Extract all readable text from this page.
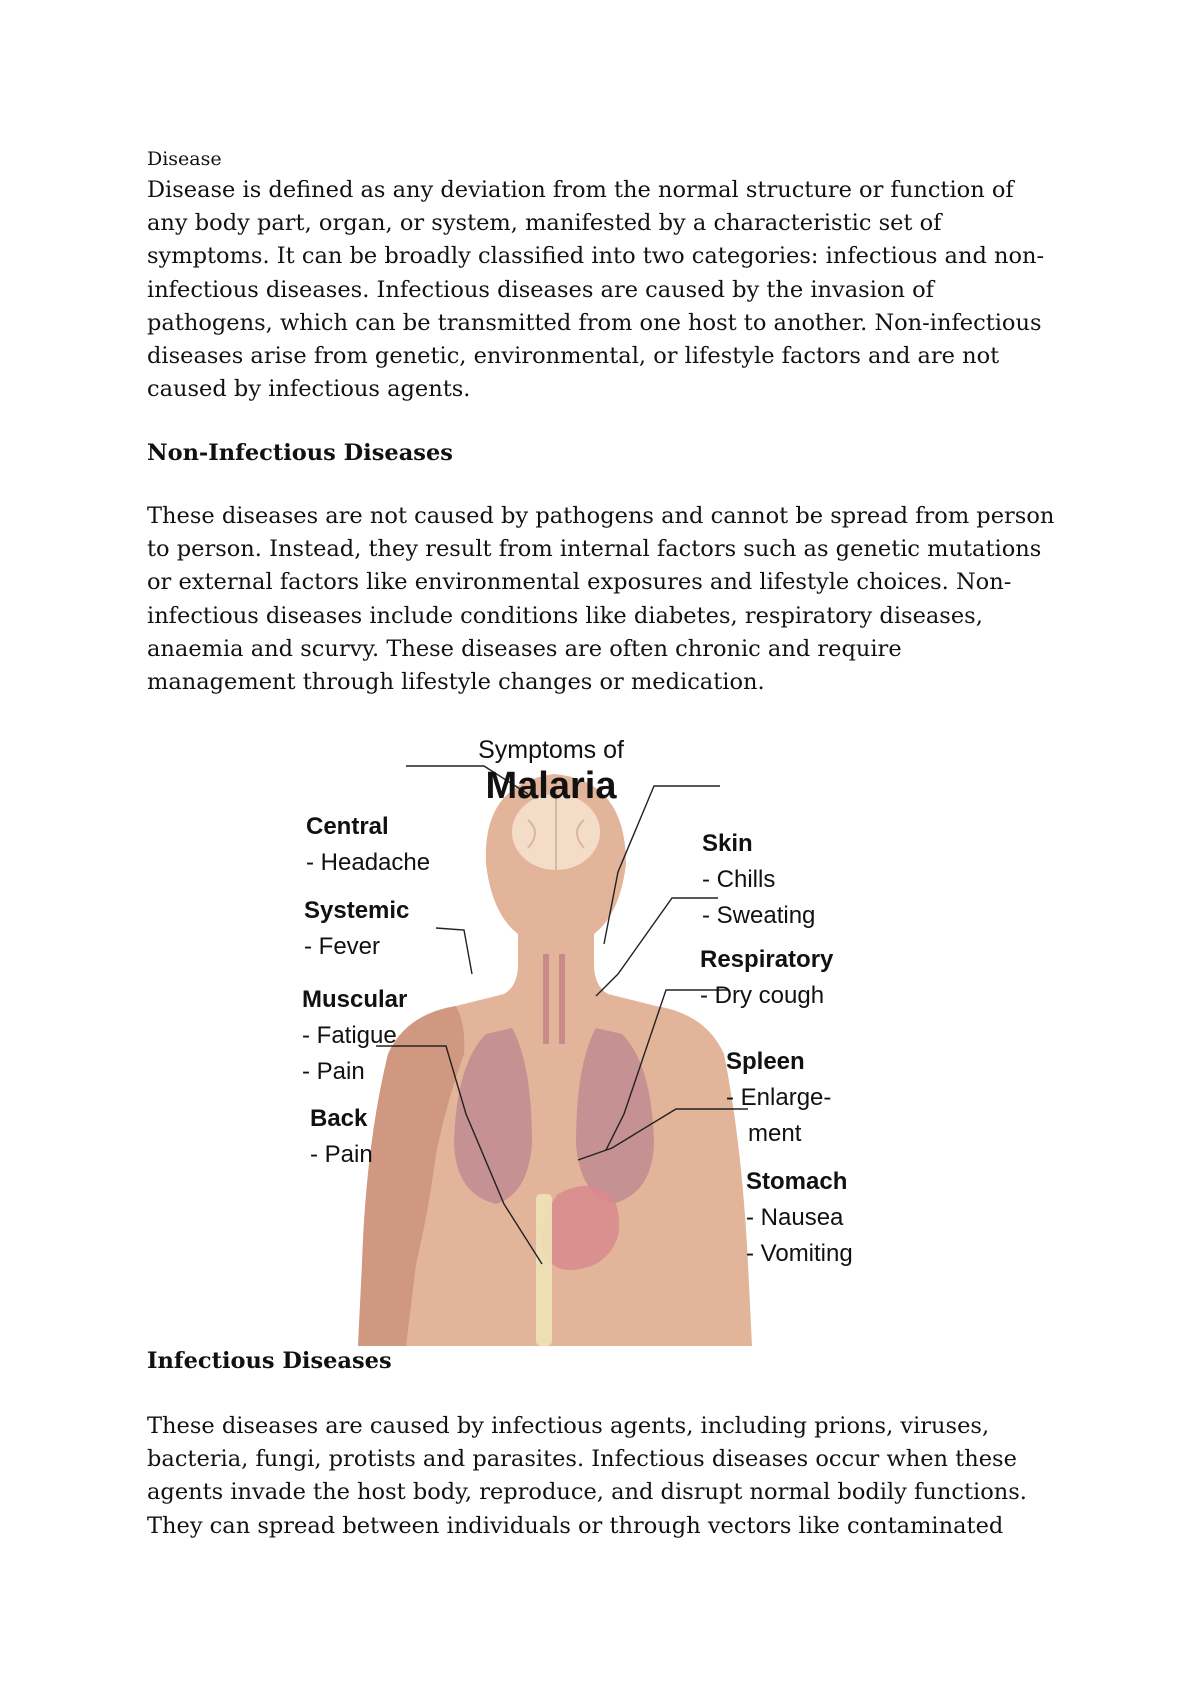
Disease

Disease is defined as any deviation from the normal structure or function of
any body part, organ, or system, manifested by a characteristic set of
symptoms. It can be broadly classified into two categories: infectious and non-
infectious diseases. Infectious diseases are caused by the invasion of
pathogens, which can be transmitted from one host to another. Non-infectious
diseases arise from genetic, environmental, or lifestyle factors and are not
caused by infectious agents.

Non-Infectious Diseases

These diseases are not caused by pathogens and cannot be spread from person
to person. Instead, they result from internal factors such as genetic mutations
or external factors like environmental exposures and lifestyle choices. Non-
infectious diseases include conditions like diabetes, respiratory diseases,
anaemia and scurvy. These diseases are often chronic and require
management through lifestyle changes or medication.

Symptoms of
Malaria
Central
- Headache
Systemic
- Fever
Muscular
- Fatigue
- Pain
Back
- Pain
Skin
- Chills
- Sweating
Respiratory
- Dry cough
Spleen
- Enlarge-
ment
Stomach
- Nausea
- Vomiting
Infectious Diseases

These diseases are caused by infectious agents, including prions, viruses,
bacteria, fungi, protists and parasites. Infectious diseases occur when these
agents invade the host body, reproduce, and disrupt normal bodily functions.
They can spread between individuals or through vectors like contaminated
